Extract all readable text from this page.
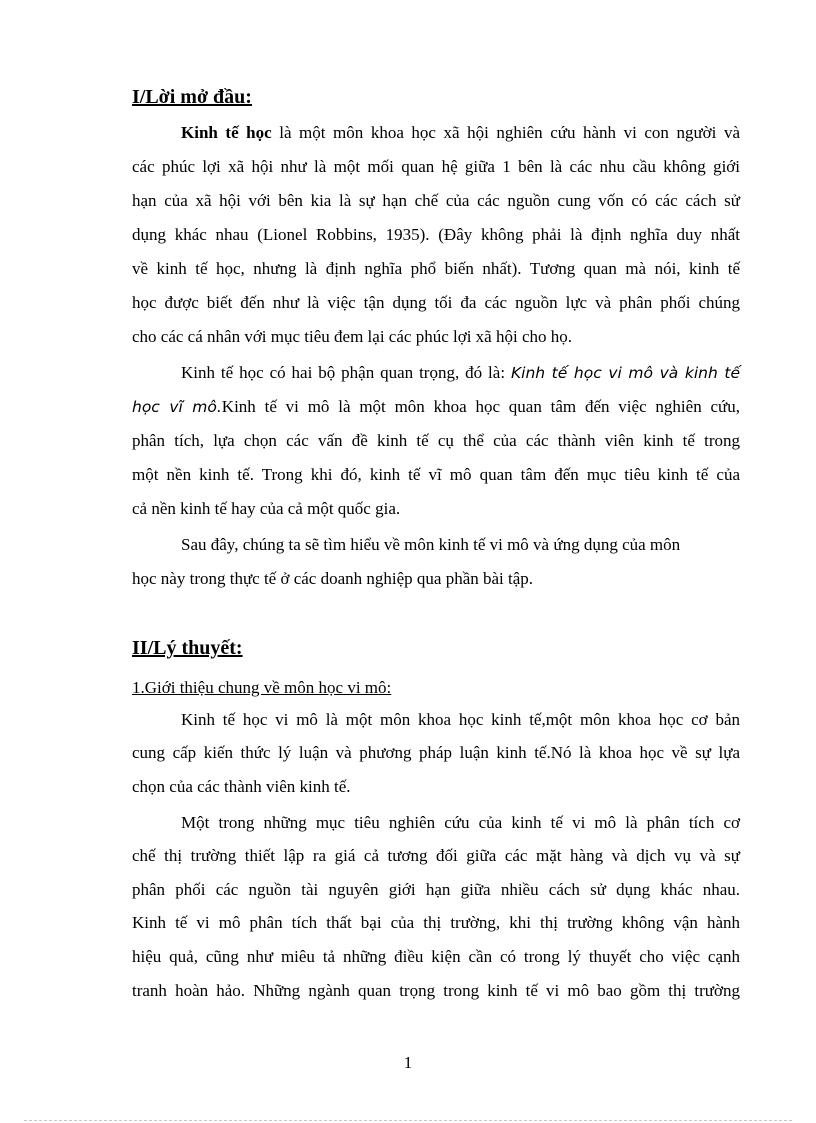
I/Lời mở đầu:
Kinh tế học là một môn khoa học xã hội nghiên cứu hành vi con người và
các phúc lợi xã hội như là một mối quan hệ giữa 1 bên là các nhu cầu không giới
hạn của xã hội với bên kia là sự hạn chế của các nguồn cung vốn có các cách sử
dụng khác nhau (Lionel Robbins, 1935). (Đây không phải là định nghĩa duy nhất
về kinh tế học, nhưng là định nghĩa phổ biến nhất). Tương quan mà nói, kinh tế
học được biết đến như là việc tận dụng tối đa các nguồn lực và phân phối chúng
cho các cá nhân với mục tiêu đem lại các phúc lợi xã hội cho họ.
Kinh tế học có hai bộ phận quan trọng, đó là: Kinh tế học vi mô và kinh tế
học vĩ mô.Kinh tế vi mô là một môn khoa học quan tâm đến việc nghiên cứu,
phân tích, lựa chọn các vấn đề kinh tế cụ thể của các thành viên kinh tế trong
một nền kinh tế. Trong khi đó, kinh tế vĩ mô quan tâm đến mục tiêu kinh tế của
cả nền kinh tế hay của cả một quốc gia.
Sau đây, chúng ta sẽ tìm hiểu về môn kinh tế vi mô và ứng dụng của môn
học này trong thực tế ở các doanh nghiệp qua phần bài tập.
II/Lý thuyết:
1.Giới thiệu chung về môn học vi mô:
Kinh tế học vi mô là một môn khoa học kinh tế,một môn khoa học cơ bản
cung cấp kiến thức lý luận và phương pháp luận kinh tế.Nó là khoa học về sự lựa
chọn của các thành viên kinh tế.
Một trong những mục tiêu nghiên cứu của kinh tế vi mô là phân tích cơ
chế thị trường thiết lập ra giá cả tương đối giữa các mặt hàng và dịch vụ và sự
phân phối các nguồn tài nguyên giới hạn giữa nhiều cách sử dụng khác nhau.
Kinh tế vi mô phân tích thất bại của thị trường, khi thị trường không vận hành
hiệu quả, cũng như miêu tả những điều kiện cần có trong lý thuyết cho việc cạnh
tranh hoàn hảo. Những ngành quan trọng trong kinh tế vi mô bao gồm thị trường
1
